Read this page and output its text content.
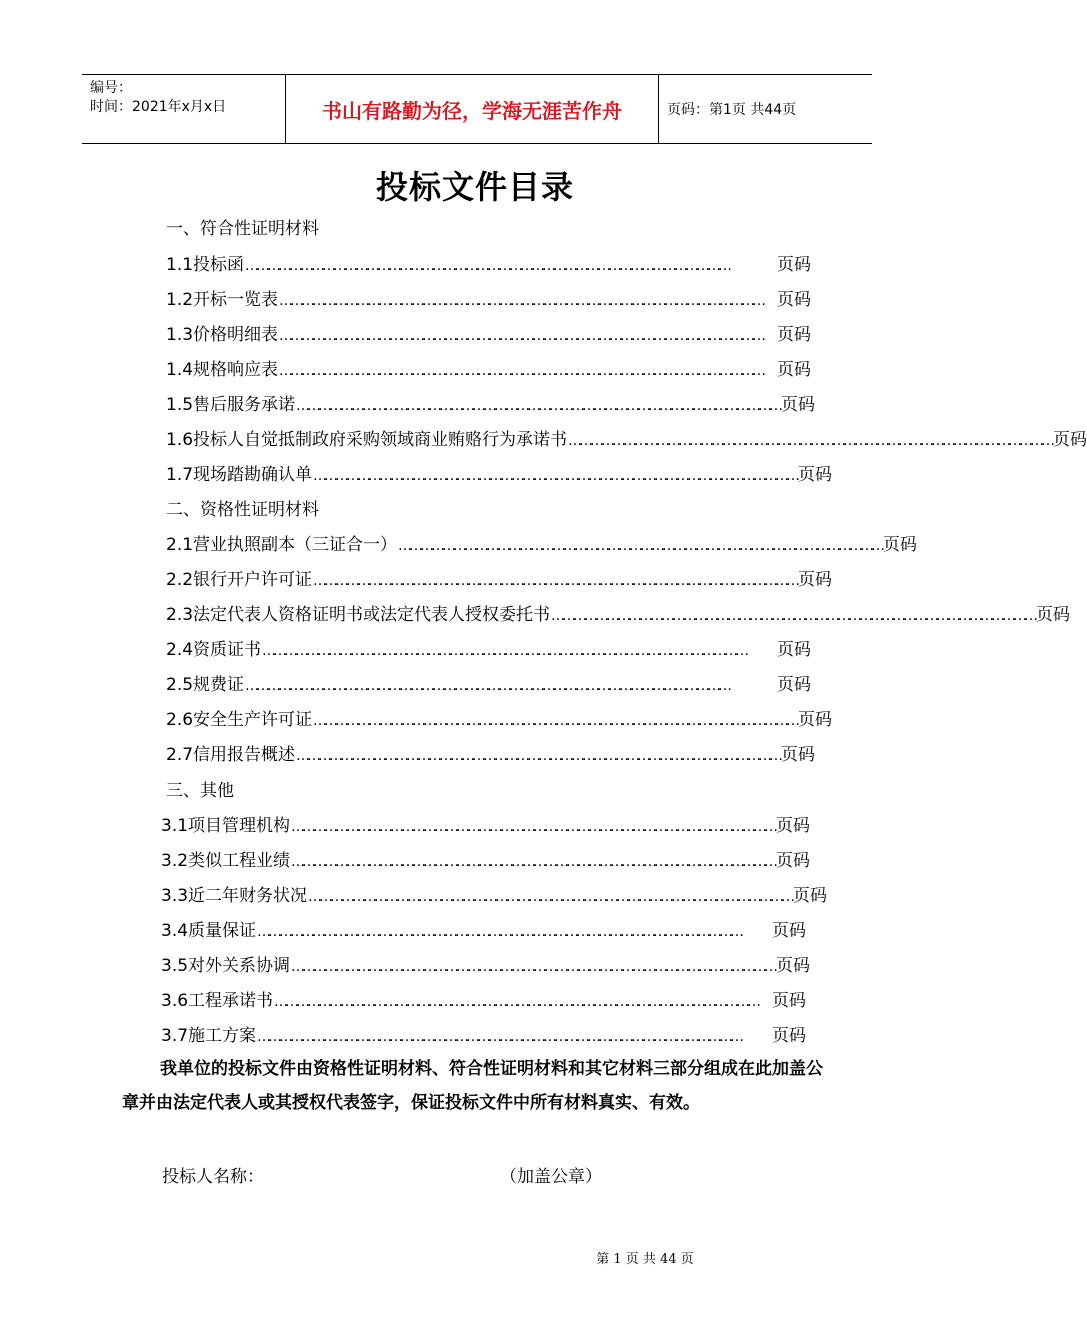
编号：
时间：2021年x月x日	书山有路勤为径，学海无涯苦作舟	页码：第1页 共44页
投标文件目录
一、符合性证明材料
1.1投标函 ……………………………………………………………………………………………………………………	页码
1.2开标一览表 …………………………………………………………………………………………………………………… 页码
1.3价格明细表 …………………………………………………………………………………………………………………… 页码
1.4规格响应表 …………………………………………………………………………………………………………………… 页码
1.5售后服务承诺 …………………………………………………………………………………………………………………… 页码
1.6投标人自觉抵制政府采购领域商业贿赂行为承诺书 …………………………………………………………………………………………………………………… 页码
1.7现场踏勘确认单 …………………………………………………………………………………………………………………… 页码
二、资格性证明材料
2.1营业执照副本（三证合一） …………………………………………………………………………………………………………………… 页码
2.2银行开户许可证 …………………………………………………………………………………………………………………… 页码
2.3法定代表人资格证明书或法定代表人授权委托书 …………………………………………………………………………………………………………………… 页码
2.4资质证书 ……………………………………………………………………………………………………………………	页码
2.5规费证 ……………………………………………………………………………………………………………………	页码
2.6安全生产许可证 …………………………………………………………………………………………………………………… 页码
2.7信用报告概述 …………………………………………………………………………………………………………………… 页码
三、其他
3.1项目管理机构 …………………………………………………………………………………………………………………… 页码
3.2类似工程业绩 …………………………………………………………………………………………………………………… 页码
3.3近二年财务状况 …………………………………………………………………………………………………………………… 页码
3.4质量保证 ……………………………………………………………………………………………………………………	页码
3.5对外关系协调 …………………………………………………………………………………………………………………… 页码
3.6工程承诺书 …………………………………………………………………………………………………………………… 页码
3.7施工方案 ……………………………………………………………………………………………………………………	页码
我单位的投标文件由资格性证明材料、符合性证明材料和其它材料三部分组成在此加盖公章并由法定代表人或其授权代表签字，保证投标文件中所有材料真实、有效。
投标人名称：	（加盖公章）
第 1 页 共 44 页
